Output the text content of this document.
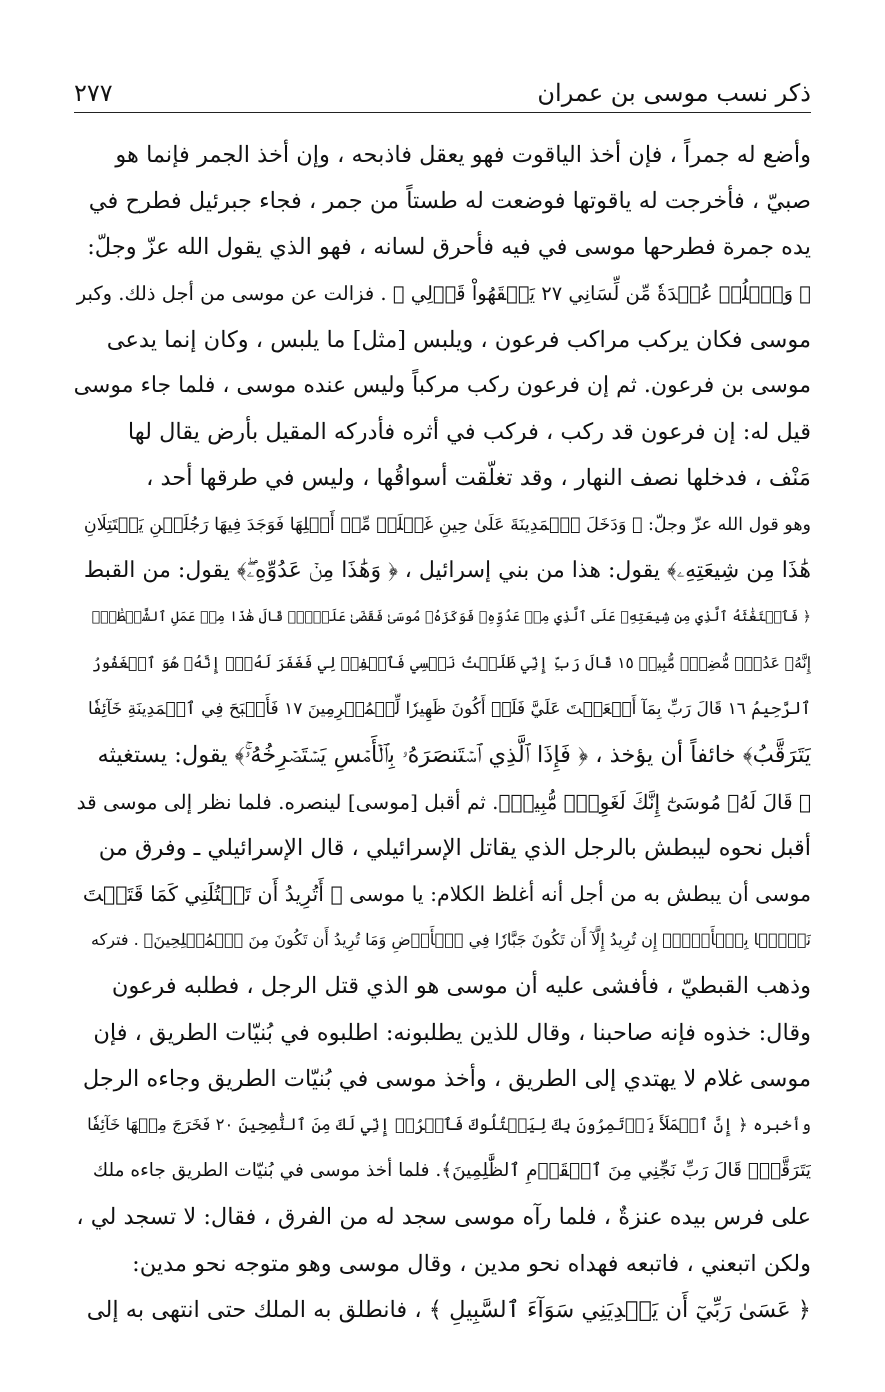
ذكر نسب موسى بن عمران
٢٧٧
وأضع له جمراً ، فإن أخذ الياقوت فهو يعقل فاذبحه ، وإن أخذ الجمر فإنما هو
صبيّ ، فأخرجت له ياقوتها فوضعت له طستاً من جمر ، فجاء جبرئيل فطرح في
يده جمرة فطرحها موسى في فيه فأحرق لسانه ، فهو الذي يقول الله عزّ وجلّ:
﴿ وَٱحۡلُلۡ عُقۡدَةٗ مِّن لِّسَانِي ٢٧ يَفۡقَهُواْ قَوۡلِي ﴾ . فزالت عن موسى من أجل ذلك. وكبر
موسى فكان يركب مراكب فرعون ، ويلبس [مثل] ما يلبس ، وكان إنما يدعى
موسى بن فرعون. ثم إن فرعون ركب مركباً وليس عنده موسى ، فلما جاء موسى
قيل له: إن فرعون قد ركب ، فركب في أثره فأدركه المقيل بأرض يقال لها
مَنْف ، فدخلها نصف النهار ، وقد تغلّقت أسواقُها ، وليس في طرقها أحد ،
وهو قول الله عزّ وجلّ: ﴿ وَدَخَلَ ٱلۡمَدِينَةَ عَلَىٰ حِينِ غَفۡلَةٖ مِّنۡ أَهۡلِهَا فَوَجَدَ فِيهَا رَجُلَيۡنِ يَقۡتَتِلَانِ
هَٰذَا مِن شِيعَتِهِۦ﴾ يقول: هذا من بني إسرائيل ، ﴿ وَهَٰذَا مِنۡ عَدُوِّهِۦۖ﴾ يقول: من القبط
﴿ فَٱسۡتَغَٰثَهُ ٱلَّذِي مِن شِيعَتِهِۦ عَلَى ٱلَّذِي مِنۡ عَدُوِّهِۦ فَوَكَزَهُۥ مُوسَىٰ فَقَضَىٰ عَلَيۡهِۖ قَالَ هَٰذَا مِنۡ عَمَلِ ٱلشَّيۡطَٰنِۖ
إِنَّهُۥ عَدُوّٞ مُّضِلّٞ مُّبِينٞ ١٥ قَالَ رَبِّ إِنِّي ظَلَمۡتُ نَفۡسِي فَٱغۡفِرۡ لِي فَغَفَرَ لَهُۥٓۚ إِنَّهُۥ هُوَ ٱلۡغَفُورُ
ٱلرَّحِيمُ ١٦ قَالَ رَبِّ بِمَآ أَنۡعَمۡتَ عَلَيَّ فَلَنۡ أَكُونَ ظَهِيرٗا لِّلۡمُجۡرِمِينَ ١٧ فَأَصۡبَحَ فِي ٱلۡمَدِينَةِ خَآئِفٗا
يَتَرَقَّبُ﴾ خائفاً أن يؤخذ ، ﴿ فَإِذَا ٱلَّذِي ٱسۡتَنصَرَهُۥ بِٱلۡأَمۡسِ يَسۡتَصۡرِخُهُۥۚ﴾ يقول: يستغيثه
﴿ قَالَ لَهُۥ مُوسَىٰٓ إِنَّكَ لَغَوِيّٞ مُّبِينٞ﴾. ثم أقبل [موسى] لينصره. فلما نظر إلى موسى قد
أقبل نحوه ليبطش بالرجل الذي يقاتل الإسرائيلي ، قال الإسرائيلي ـ وفرق من
موسى أن يبطش به من أجل أنه أغلظ الكلام: يا موسى ﴿ أَتُرِيدُ أَن تَقۡتُلَنِي كَمَا قَتَلۡتَ
نَفۡسَۢا بِٱلۡأَمۡسِۖ إِن تُرِيدُ إِلَّآ أَن تَكُونَ جَبَّارٗا فِي ٱلۡأَرۡضِ وَمَا تُرِيدُ أَن تَكُونَ مِنَ ٱلۡمُصۡلِحِينَ﴾ . فتركه
وذهب القبطيّ ، فأفشى عليه أن موسى هو الذي قتل الرجل ، فطلبه فرعون
وقال: خذوه فإنه صاحبنا ، وقال للذين يطلبونه: اطلبوه في بُنيّات الطريق ، فإن
موسى غلام لا يهتدي إلى الطريق ، وأخذ موسى في بُنيّات الطريق وجاءه الرجل
وأخبره ﴿ إِنَّ ٱلۡمَلَأَ يَأۡتَمِرُونَ بِكَ لِيَقۡتُلُوكَ فَٱخۡرُجۡ إِنِّي لَكَ مِنَ ٱلنَّٰصِحِينَ ٢٠ فَخَرَجَ مِنۡهَا خَآئِفٗا
يَتَرَقَّبُۖ قَالَ رَبِّ نَجِّنِي مِنَ ٱلۡقَوۡمِ ٱلظَّٰلِمِينَ﴾. فلما أخذ موسى في بُنيّات الطريق جاءه ملك
على فرس بيده عنزةٌ ، فلما رآه موسى سجد له من الفرق ، فقال: لا تسجد لي ،
ولكن اتبعني ، فاتبعه فهداه نحو مدين ، وقال موسى وهو متوجه نحو مدين:
﴿ عَسَىٰ رَبِّيٓ أَن يَهۡدِيَنِي سَوَآءَ ٱلسَّبِيلِ ﴾ ، فانطلق به الملك حتى انتهى به إلى
